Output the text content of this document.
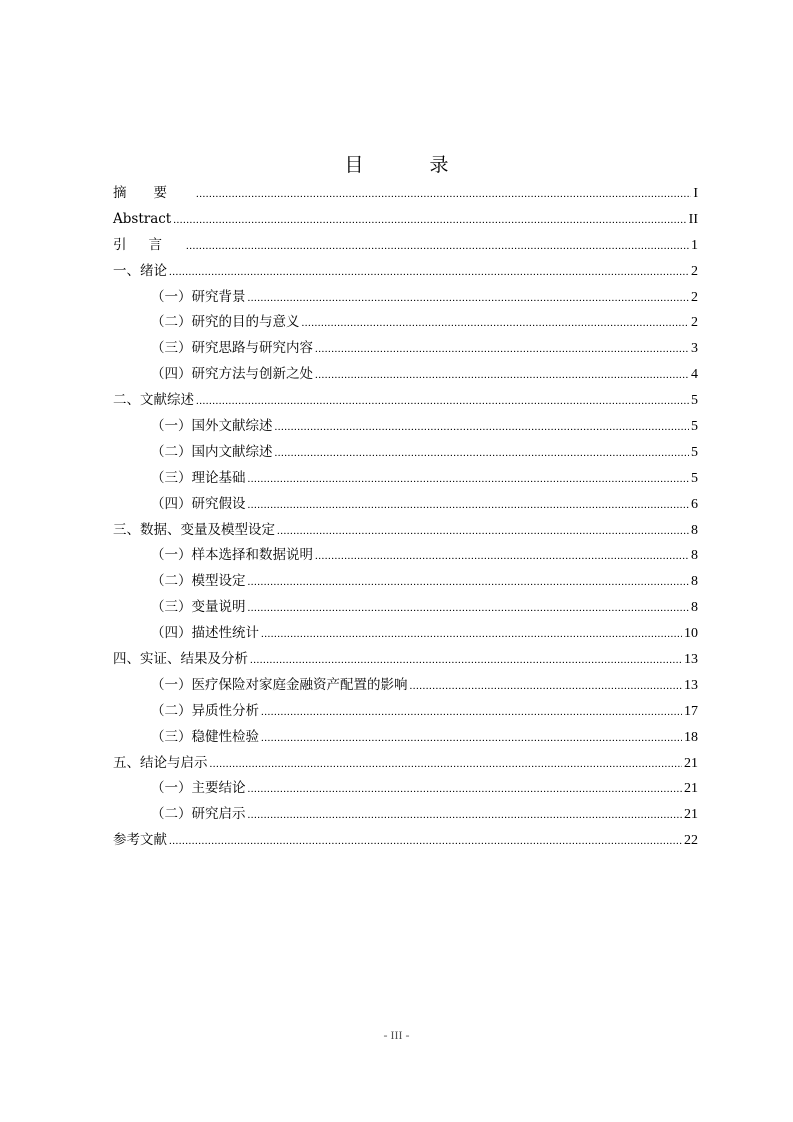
目 录
摘要 .....	I
Abstract .....	II
引言 .....	1
一、绪论 .....	2
（一）研究背景 .....	2
（二）研究的目的与意义 .....	2
（三）研究思路与研究内容 .....	3
（四）研究方法与创新之处 .....	4
二、文献综述 .....	5
（一）国外文献综述 .....	5
（二）国内文献综述 .....	5
（三）理论基础 .....	5
（四）研究假设 .....	6
三、数据、变量及模型设定 .....	8
（一）样本选择和数据说明 .....	8
（二）模型设定 .....	8
（三）变量说明 .....	8
（四）描述性统计 .....	10
四、实证、结果及分析 .....	13
（一）医疗保险对家庭金融资产配置的影响 .....	13
（二）异质性分析 .....	17
（三）稳健性检验 .....	18
五、结论与启示 .....	21
（一）主要结论 .....	21
（二）研究启示 .....	21
参考文献 .....	22
- III -
